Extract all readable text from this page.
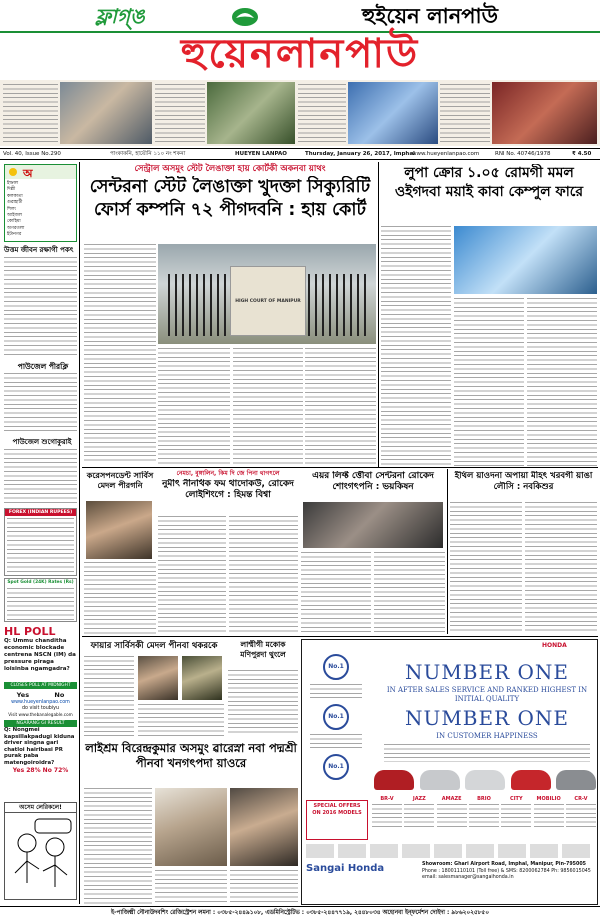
ফ্লাগ্ঙ	হুইয়েন লানপাউ
হুয়েনলানপাউ
Vol. 40, Issue No.290	পাংকাকনি, হায়ৌনি ১১০ নং শকনা	HUEYEN LANPAO	Thursday, January 26, 2017, Imphal
www.hueyenlanpao.com	RNI No. 40746/1978	₹ 4.50
অ
ইম্ফাল
দিল্লী
কলকাতা
গুৱাহাটী
শিলং
আইজল
কোহিমা
অগরতলা
ইটানগর
উত্তম জীবন রক্ষাগী পকৎ
পাউজেল পীরক্লি
পাউজেল শুগোকুরাই
FOREX (INDIAN RUPEES)
Spot Gold (24K) Rates (Rs)
HL POLL
Q: Ummu chanditha economic blockade centrena NSCN (IM) da pressure piraga loisinba ngamgadra?
CLOSES POLL AT MIDNIGHT
Yes	No
www.hueyenlanpao.com
do visit toubiyu
Visit www.thebanalegable.com
NGARANG GI RESULT
Q: Nongmei kapsillakpadugi kiduna driver singna gari chatloi hairibasi PR purak paba matengoiroidra?
Yes 28% No 72%
অসেম লেরিকলে!
সেন্ট্রাল অসমুং স্টেট লৈঙাক্তা হায় কোর্টকী অকনবা য়াথং
সেন্টরনা স্টেট লৈঙাক্তা খুদক্তা সিক্যুরিটি ফোর্স কম্পনি ৭২ পীগদবনি : হায় কোর্ট
HIGH COURT OF MANIPUR
লুপা ক্রোর ১.০৫ রোমগী মমল ওইগদবা ময়াই কাবা কেম্পুল ফারে
করেসপনডেন্ট সার্বিস মেদল পীরগনি
নেমচা, বুঙ্গালিন, কিম দি জে পিনা থাগৎলে
নুমীৎ নীনথিক ফম থাদোকউ, রোকেদ লোইশিংগে : হিমন্ত বিশ্বা
এয়র লিফ্ট ত্তৌবা সেন্টরনা রোকেদ শোংগৎপনি : ভয়কিষন
ইথিল য়াওদনা অপায়া মীহৎ খরবগী য়াঙা লৌসি : নবকিশুর
ফায়ার সার্বিসকী মেদল পীনবা থকরকে	লাম্মীগী মকোক মণিপুরদা থুংলে
লাইশ্রম বিরেন্দ্রকুমার অসমুং ৱারেস্না নবা পদ্মশ্রী পীনবা খনগৎপদা য়াওরে
HONDA
No.1
No.1
No.1
NUMBER ONE
IN AFTER SALES SERVICE AND RANKED HIGHEST IN INITIAL QUALITY
NUMBER ONE
IN CUSTOMER HAPPINESS
SPECIAL OFFERS ON 2016 MODELS
BR-V	JAZZ	AMAZE	BRIO	CITY	MOBILIO	CR-V
Sangai Honda	Showroom: Ghari Airport Road, Imphal, Manipur, Pin-795005
Phone : 18001110101 (Toll free) & SMS: 8200062784 Ph: 9856015045
email: salesmanager@sangaihonda.in
ই-পাজিক্মী নৌনাউদবশিং রেজিস্ট্রেশন লমনা : ০৩৮৫-২৪৪৯১০৮, এডমিনিস্ট্রেটিভ : ০৩৮৫-২৪৪৭৭১৯, ২৪৪৮০৩৪ অহোনবা ইন্ফর্মেশন দোইদা : ৯৮৬২০২৫৮৫০
